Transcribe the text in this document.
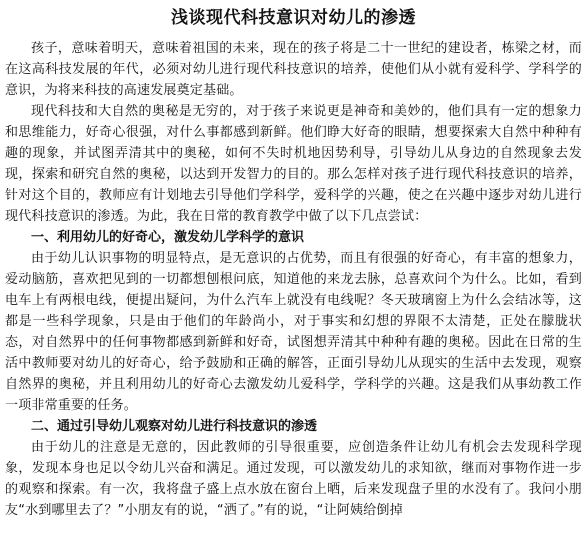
浅谈现代科技意识对幼儿的渗透

孩子，意味着明天，意味着祖国的未来，现在的孩子将是二十一世纪的建设者，栋梁之材，而在这高科技发展的年代，必须对幼儿进行现代科技意识的培养，使他们从小就有爱科学、学科学的意识，为将来科技的高速发展奠定基础。

现代科技和大自然的奥秘是无穷的，对于孩子来说更是神奇和美妙的，他们具有一定的想象力和思维能力，好奇心很强，对什么事都感到新鲜。他们睁大好奇的眼睛，想要探索大自然中种种有趣的现象，并试图弄清其中的奥秘，如何不失时机地因势利导，引导幼儿从身边的自然现象去发现，探索和研究自然的奥秘，以达到开发智力的目的。那么怎样对孩子进行现代科技意识的培养，针对这个目的，教师应有计划地去引导他们学科学，爱科学的兴趣，使之在兴趣中逐步对幼儿进行现代科技意识的渗透。为此，我在日常的教育教学中做了以下几点尝试：

一、利用幼儿的好奇心，激发幼儿学科学的意识

由于幼儿认识事物的明显特点，是无意识的占优势，而且有很强的好奇心，有丰富的想象力，爱动脑筋，喜欢把见到的一切都想刨根问底，知道他的来龙去脉，总喜欢问个为什么。比如，看到电车上有两根电线，便提出疑问，为什么汽车上就没有电线呢？冬天玻璃窗上为什么会结冰等，这都是一些科学现象，只是由于他们的年龄尚小，对于事实和幻想的界限不太清楚，正处在朦胧状态，对自然界中的任何事物都感到新鲜和好奇，试图想弄清其中种种有趣的奥秘。因此在日常的生活中教师要对幼儿的好奇心，给予鼓励和正确的解答，正面引导幼儿从现实的生活中去发现，观察自然界的奥秘，并且利用幼儿的好奇心去激发幼儿爱科学，学科学的兴趣。这是我们从事幼教工作一项非常重要的任务。

二、通过引导幼儿观察对幼儿进行科技意识的渗透

由于幼儿的注意是无意的，因此教师的引导很重要，应创造条件让幼儿有机会去发现科学现象，发现本身也足以令幼儿兴奋和满足。通过发现，可以激发幼儿的求知欲，继而对事物作进一步的观察和探索。有一次，我将盘子盛上点水放在窗台上晒，后来发现盘子里的水没有了。我问小朋友“水到哪里去了？”小朋友有的说，“洒了。”有的说，“让阿姨给倒掉
